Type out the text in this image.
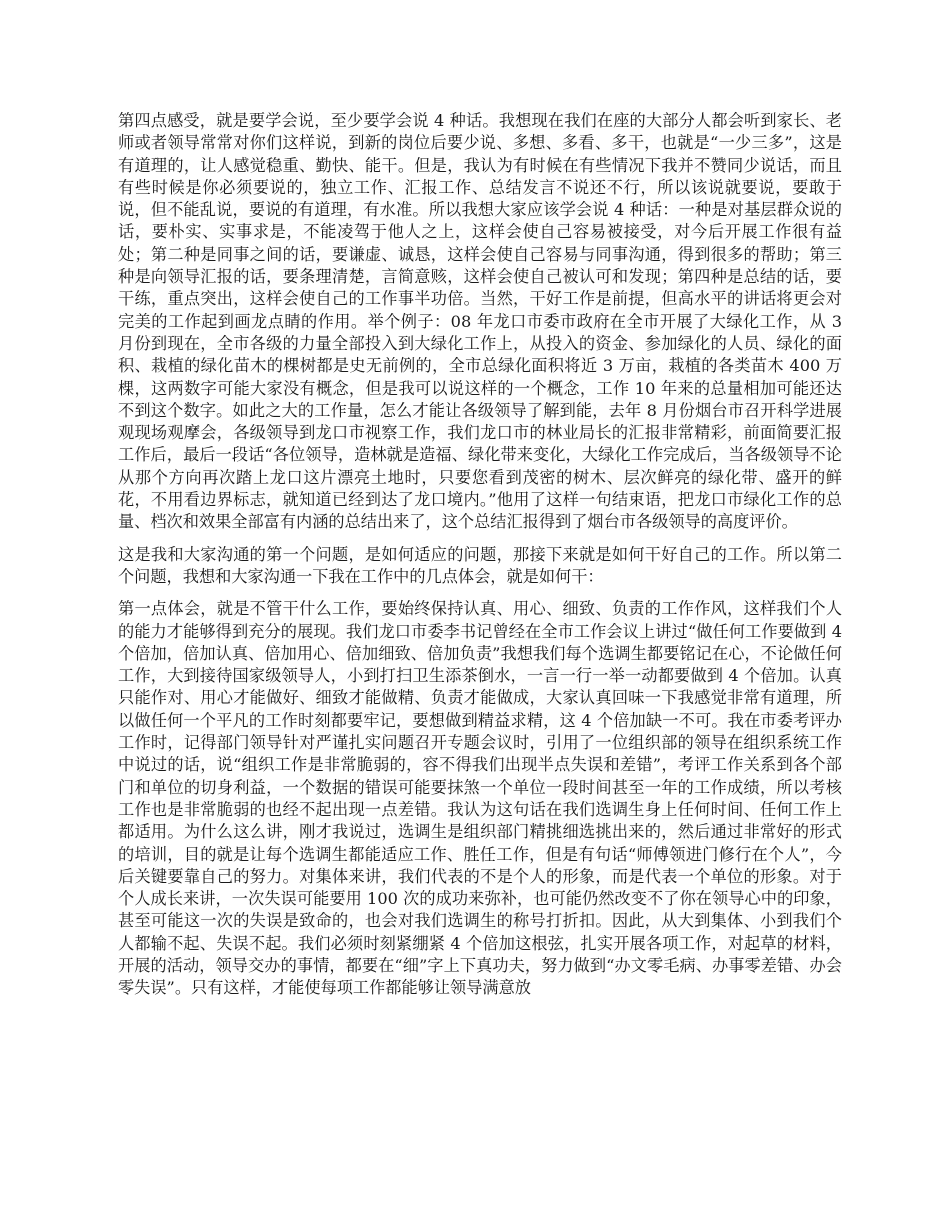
第四点感受，就是要学会说，至少要学会说 4 种话。我想现在我们在座的大部分人都会听到家长、老师或者领导常常对你们这样说，到新的岗位后要少说、多想、多看、多干，也就是“一少三多”，这是有道理的，让人感觉稳重、勤快、能干。但是，我认为有时候在有些情况下我并不赞同少说话，而且有些时候是你必须要说的，独立工作、汇报工作、总结发言不说还不行，所以该说就要说，要敢于说，但不能乱说，要说的有道理，有水准。所以我想大家应该学会说 4 种话：一种是对基层群众说的话，要朴实、实事求是，不能凌驾于他人之上，这样会使自己容易被接受，对今后开展工作很有益处；第二种是同事之间的话，要谦虚、诚恳，这样会使自己容易与同事沟通，得到很多的帮助；第三种是向领导汇报的话，要条理清楚，言简意赅，这样会使自己被认可和发现；第四种是总结的话，要干练，重点突出，这样会使自己的工作事半功倍。当然，干好工作是前提，但高水平的讲话将更会对完美的工作起到画龙点睛的作用。举个例子：08 年龙口市委市政府在全市开展了大绿化工作，从 3 月份到现在，全市各级的力量全部投入到大绿化工作上，从投入的资金、参加绿化的人员、绿化的面积、栽植的绿化苗木的棵树都是史无前例的，全市总绿化面积将近 3 万亩，栽植的各类苗木 400 万棵，这两数字可能大家没有概念，但是我可以说这样的一个概念，工作 10 年来的总量相加可能还达不到这个数字。如此之大的工作量，怎么才能让各级领导了解到能，去年 8 月份烟台市召开科学进展观现场观摩会，各级领导到龙口市视察工作，我们龙口市的林业局长的汇报非常精彩，前面简要汇报工作后，最后一段话“各位领导，造林就是造福、绿化带来变化，大绿化工作完成后，当各级领导不论从那个方向再次踏上龙口这片漂亮土地时，只要您看到茂密的树木、层次鲜亮的绿化带、盛开的鲜花，不用看边界标志，就知道已经到达了龙口境内。”他用了这样一句结束语，把龙口市绿化工作的总量、档次和效果全部富有内涵的总结出来了，这个总结汇报得到了烟台市各级领导的高度评价。

这是我和大家沟通的第一个问题，是如何适应的问题，那接下来就是如何干好自己的工作。所以第二个问题，我想和大家沟通一下我在工作中的几点体会，就是如何干：

第一点体会，就是不管干什么工作，要始终保持认真、用心、细致、负责的工作作风，这样我们个人的能力才能够得到充分的展现。我们龙口市委李书记曾经在全市工作会议上讲过“做任何工作要做到 4 个倍加，倍加认真、倍加用心、倍加细致、倍加负责”我想我们每个选调生都要铭记在心，不论做任何工作，大到接待国家级领导人，小到打扫卫生添茶倒水，一言一行一举一动都要做到 4 个倍加。认真只能作对、用心才能做好、细致才能做精、负责才能做成，大家认真回味一下我感觉非常有道理，所以做任何一个平凡的工作时刻都要牢记，要想做到精益求精，这 4 个倍加缺一不可。我在市委考评办工作时，记得部门领导针对严谨扎实问题召开专题会议时，引用了一位组织部的领导在组织系统工作中说过的话，说“组织工作是非常脆弱的，容不得我们出现半点失误和差错”，考评工作关系到各个部门和单位的切身利益，一个数据的错误可能要抹煞一个单位一段时间甚至一年的工作成绩，所以考核工作也是非常脆弱的也经不起出现一点差错。我认为这句话在我们选调生身上任何时间、任何工作上都适用。为什么这么讲，刚才我说过，选调生是组织部门精挑细选挑出来的，然后通过非常好的形式的培训，目的就是让每个选调生都能适应工作、胜任工作，但是有句话“师傅领进门修行在个人”，今后关键要靠自己的努力。对集体来讲，我们代表的不是个人的形象，而是代表一个单位的形象。对于个人成长来讲，一次失误可能要用 100 次的成功来弥补，也可能仍然改变不了你在领导心中的印象，甚至可能这一次的失误是致命的，也会对我们选调生的称号打折扣。因此，从大到集体、小到我们个人都输不起、失误不起。我们必须时刻紧绷紧 4 个倍加这根弦，扎实开展各项工作，对起草的材料，开展的活动，领导交办的事情，都要在“细”字上下真功夫，努力做到“办文零毛病、办事零差错、办会零失误”。只有这样，才能使每项工作都能够让领导满意放
